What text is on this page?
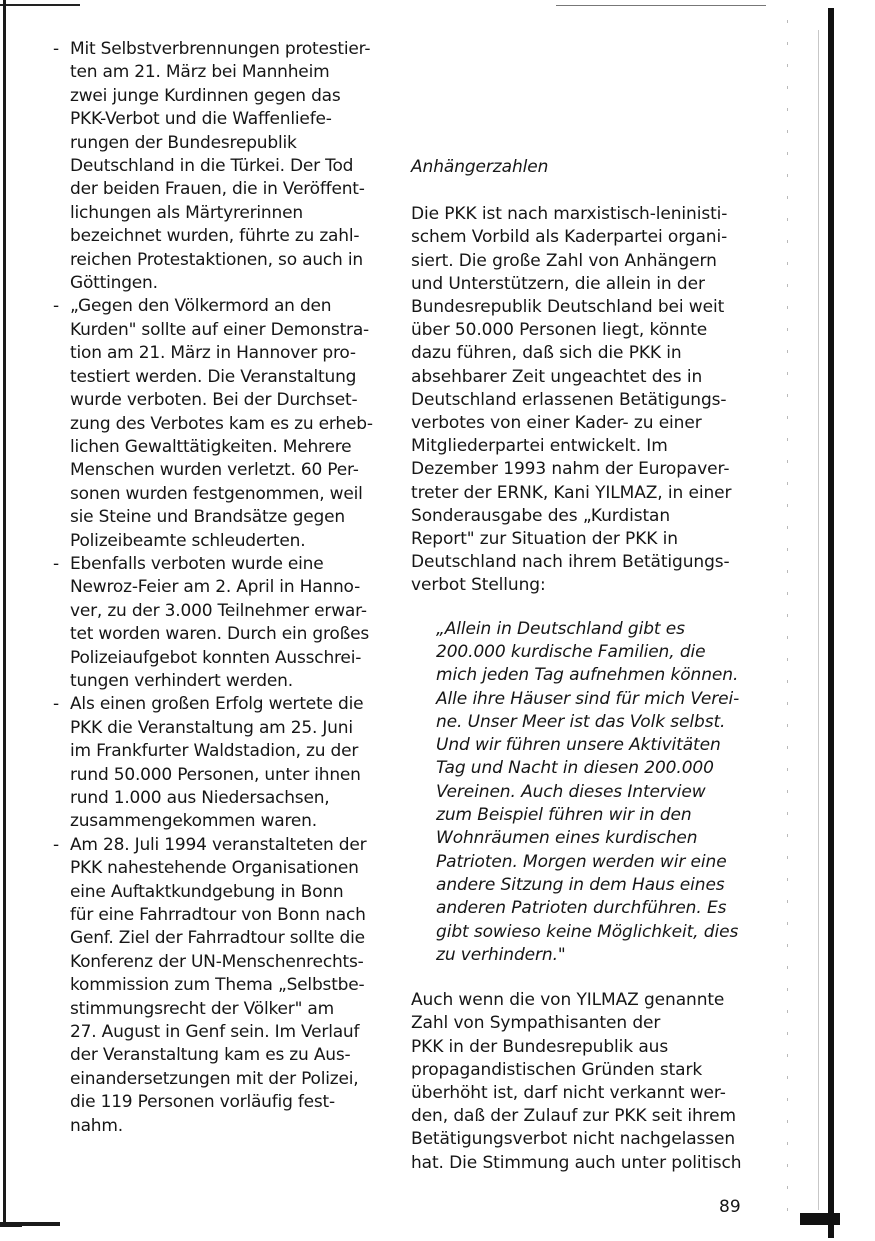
- Mit Selbstverbrennungen protestier-
ten am 21. März bei Mannheim
zwei junge Kurdinnen gegen das
PKK-Verbot und die Waffenliefe-
rungen der Bundesrepublik
Deutschland in die Türkei. Der Tod
der beiden Frauen, die in Veröffent-
lichungen als Märtyrerinnen
bezeichnet wurden, führte zu zahl-
reichen Protestaktionen, so auch in
Göttingen.
- „Gegen den Völkermord an den
Kurden" sollte auf einer Demonstra-
tion am 21. März in Hannover pro-
testiert werden. Die Veranstaltung
wurde verboten. Bei der Durchset-
zung des Verbotes kam es zu erheb-
lichen Gewalttätigkeiten. Mehrere
Menschen wurden verletzt. 60 Per-
sonen wurden festgenommen, weil
sie Steine und Brandsätze gegen
Polizeibeamte schleuderten.
- Ebenfalls verboten wurde eine
Newroz-Feier am 2. April in Hanno-
ver, zu der 3.000 Teilnehmer erwar-
tet worden waren. Durch ein großes
Polizeiaufgebot konnten Ausschrei-
tungen verhindert werden.
- Als einen großen Erfolg wertete die
PKK die Veranstaltung am 25. Juni
im Frankfurter Waldstadion, zu der
rund 50.000 Personen, unter ihnen
rund 1.000 aus Niedersachsen,
zusammengekommen waren.
- Am 28. Juli 1994 veranstalteten der
PKK nahestehende Organisationen
eine Auftaktkundgebung in Bonn
für eine Fahrradtour von Bonn nach
Genf. Ziel der Fahrradtour sollte die
Konferenz der UN-Menschenrechts-
kommission zum Thema „Selbstbe-
stimmungsrecht der Völker" am
27. August in Genf sein. Im Verlauf
der Veranstaltung kam es zu Aus-
einandersetzungen mit der Polizei,
die 119 Personen vorläufig fest-
nahm.
Anhängerzahlen
Die PKK ist nach marxistisch-leninisti-
schem Vorbild als Kaderpartei organi-
siert. Die große Zahl von Anhängern
und Unterstützern, die allein in der
Bundesrepublik Deutschland bei weit
über 50.000 Personen liegt, könnte
dazu führen, daß sich die PKK in
absehbarer Zeit ungeachtet des in
Deutschland erlassenen Betätigungs-
verbotes von einer Kader- zu einer
Mitgliederpartei entwickelt. Im
Dezember 1993 nahm der Europaver-
treter der ERNK, Kani YILMAZ, in einer
Sonderausgabe des „Kurdistan
Report" zur Situation der PKK in
Deutschland nach ihrem Betätigungs-
verbot Stellung:
„Allein in Deutschland gibt es
200.000 kurdische Familien, die
mich jeden Tag aufnehmen können.
Alle ihre Häuser sind für mich Verei-
ne. Unser Meer ist das Volk selbst.
Und wir führen unsere Aktivitäten
Tag und Nacht in diesen 200.000
Vereinen. Auch dieses Interview
zum Beispiel führen wir in den
Wohnräumen eines kurdischen
Patrioten. Morgen werden wir eine
andere Sitzung in dem Haus eines
anderen Patrioten durchführen. Es
gibt sowieso keine Möglichkeit, dies
zu verhindern."
Auch wenn die von YILMAZ genannte
Zahl von Sympathisanten der
PKK in der Bundesrepublik aus
propagandistischen Gründen stark
überhöht ist, darf nicht verkannt wer-
den, daß der Zulauf zur PKK seit ihrem
Betätigungsverbot nicht nachgelassen
hat. Die Stimmung auch unter politisch
89
